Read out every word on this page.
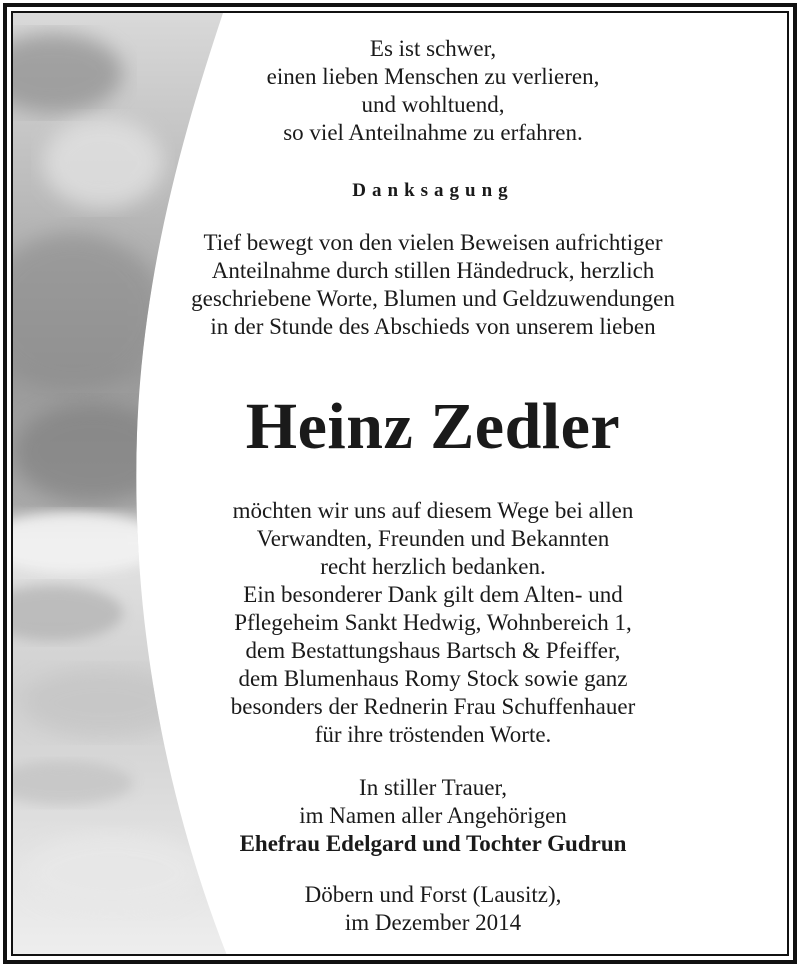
Es ist schwer,
einen lieben Menschen zu verlieren,
und wohltuend,
so viel Anteilnahme zu erfahren.
Danksagung
Tief bewegt von den vielen Beweisen aufrichtiger
Anteilnahme durch stillen Händedruck, herzlich
geschriebene Worte, Blumen und Geldzuwendungen
in der Stunde des Abschieds von unserem lieben
Heinz Zedler
möchten wir uns auf diesem Wege bei allen
Verwandten, Freunden und Bekannten
recht herzlich bedanken.
Ein besonderer Dank gilt dem Alten- und
Pflegeheim Sankt Hedwig, Wohnbereich 1,
dem Bestattungshaus Bartsch & Pfeiffer,
dem Blumenhaus Romy Stock sowie ganz
besonders der Rednerin Frau Schuffenhauer
für ihre tröstenden Worte.
In stiller Trauer,
im Namen aller Angehörigen
Ehefrau Edelgard und Tochter Gudrun
Döbern und Forst (Lausitz),
im Dezember 2014
